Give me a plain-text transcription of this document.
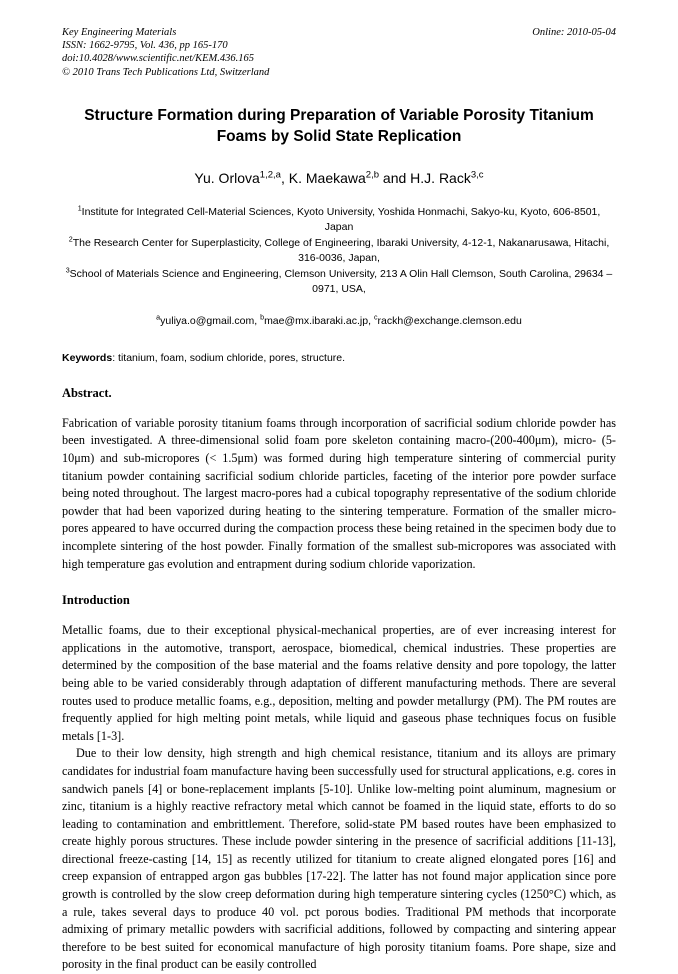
Online: 2010-05-04
Key Engineering Materials
ISSN: 1662-9795, Vol. 436, pp 165-170
doi:10.4028/www.scientific.net/KEM.436.165
© 2010 Trans Tech Publications Ltd, Switzerland
Structure Formation during Preparation of Variable Porosity Titanium Foams by Solid State Replication
Yu. Orlova$^{1,2,a}$, K. Maekawa$^{2,b}$ and H.J. Rack$^{3,c}$
$^1$Institute for Integrated Cell-Material Sciences, Kyoto University, Yoshida Honmachi, Sakyo-ku, Kyoto, 606-8501, Japan
$^2$The Research Center for Superplasticity, College of Engineering, Ibaraki University, 4-12-1, Nakanarusawa, Hitachi, 316-0036, Japan,
$^3$School of Materials Science and Engineering, Clemson University, 213 A Olin Hall Clemson, South Carolina, 29634 – 0971, USA,
$^a$yuliya.o@gmail.com, $^b$mae@mx.ibaraki.ac.jp, $^c$rackh@exchange.clemson.edu
Keywords: titanium, foam, sodium chloride, pores, structure.
Abstract.
Fabrication of variable porosity titanium foams through incorporation of sacrificial sodium chloride powder has been investigated. A three-dimensional solid foam pore skeleton containing macro-(200-400μm), micro- (5-10μm) and sub-micropores (< 1.5μm) was formed during high temperature sintering of commercial purity titanium powder containing sacrificial sodium chloride particles, faceting of the interior pore powder surface being noted throughout. The largest macro-pores had a cubical topography representative of the sodium chloride powder that had been vaporized during heating to the sintering temperature. Formation of the smaller micro-pores appeared to have occurred during the compaction process these being retained in the specimen body due to incomplete sintering of the host powder. Finally formation of the smallest sub-micropores was associated with high temperature gas evolution and entrapment during sodium chloride vaporization.
Introduction

Metallic foams, due to their exceptional physical-mechanical properties, are of ever increasing interest for applications in the automotive, transport, aerospace, biomedical, chemical industries. These properties are determined by the composition of the base material and the foams relative density and pore topology, the latter being able to be varied considerably through adaptation of different manufacturing methods. There are several routes used to produce metallic foams, e.g., deposition, melting and powder metallurgy (PM). The PM routes are frequently applied for high melting point metals, while liquid and gaseous phase techniques focus on fusible metals [1-3].

Due to their low density, high strength and high chemical resistance, titanium and its alloys are primary candidates for industrial foam manufacture having been successfully used for structural applications, e.g. cores in sandwich panels [4] or bone-replacement implants [5-10]. Unlike low-melting point aluminum, magnesium or zinc, titanium is a highly reactive refractory metal which cannot be foamed in the liquid state, efforts to do so leading to contamination and embrittlement. Therefore, solid-state PM based routes have been emphasized to create highly porous structures. These include powder sintering in the presence of sacrificial additions [11-13], directional freeze-casting [14, 15] as recently utilized for titanium to create aligned elongated pores [16] and creep expansion of entrapped argon gas bubbles [17-22]. The latter has not found major application since pore growth is controlled by the slow creep deformation during high temperature sintering cycles (1250°C) which, as a rule, takes several days to produce 40 vol. pct porous bodies. Traditional PM methods that incorporate admixing of primary metallic powders with sacrificial additions, followed by compacting and sintering appear therefore to be best suited for economical manufacture of high porosity titanium foams. Pore shape, size and porosity in the final product can be easily controlled
